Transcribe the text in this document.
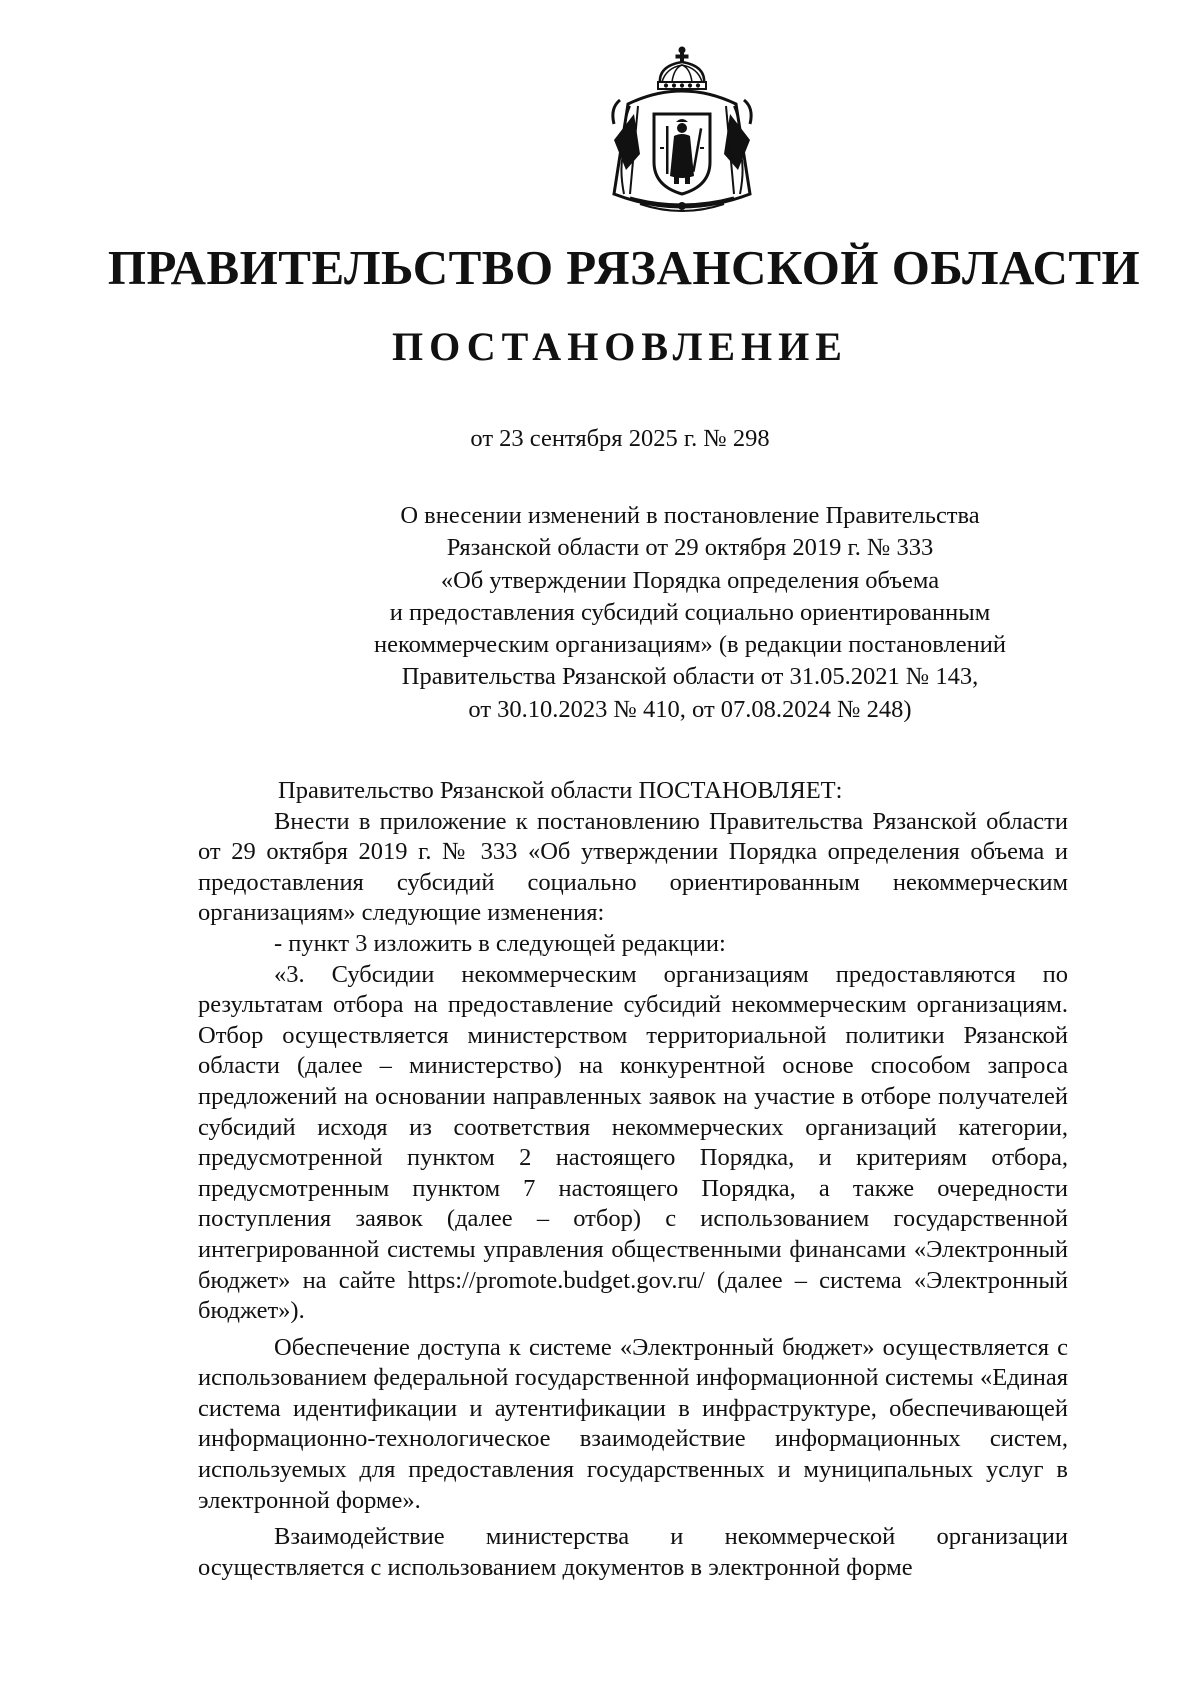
ПРАВИТЕЛЬСТВО РЯЗАНСКОЙ ОБЛАСТИ
ПОСТАНОВЛЕНИЕ
от 23 сентября 2025 г. № 298
О внесении изменений в постановление Правительства
Рязанской области от 29 октября 2019 г. № 333
«Об утверждении Порядка определения объема
и предоставления субсидий социально ориентированным
некоммерческим организациям» (в редакции постановлений
Правительства Рязанской области от 31.05.2021 № 143,
от 30.10.2023 № 410, от 07.08.2024 № 248)

Правительство Рязанской области ПОСТАНОВЛЯЕТ:

Внести в приложение к постановлению Правительства Рязанской области от 29 октября 2019 г. № 333 «Об утверждении Порядка определения объема и предоставления субсидий социально ориентированным некоммерческим организациям» следующие изменения:

- пункт 3 изложить в следующей редакции:

«3. Субсидии некоммерческим организациям предоставляются по результатам отбора на предоставление субсидий некоммерческим организациям. Отбор осуществляется министерством территориальной политики Рязанской области (далее – министерство) на конкурентной основе способом запроса предложений на основании направленных заявок на участие в отборе получателей субсидий исходя из соответствия некоммерческих организаций категории, предусмотренной пунктом 2 настоящего Порядка, и критериям отбора, предусмотренным пунктом 7 настоящего Порядка, а также очередности поступления заявок (далее – отбор) с использованием государственной интегрированной системы управления общественными финансами «Электронный бюджет» на сайте https://promote.budget.gov.ru/ (далее – система «Электронный бюджет»).

Обеспечение доступа к системе «Электронный бюджет» осуществляется с использованием федеральной государственной информационной системы «Единая система идентификации и аутентификации в инфраструктуре, обеспечивающей информационно-технологическое взаимодействие информационных систем, используемых для предоставления государственных и муниципальных услуг в электронной форме».

Взаимодействие министерства и некоммерческой организации осуществляется с использованием документов в электронной форме
